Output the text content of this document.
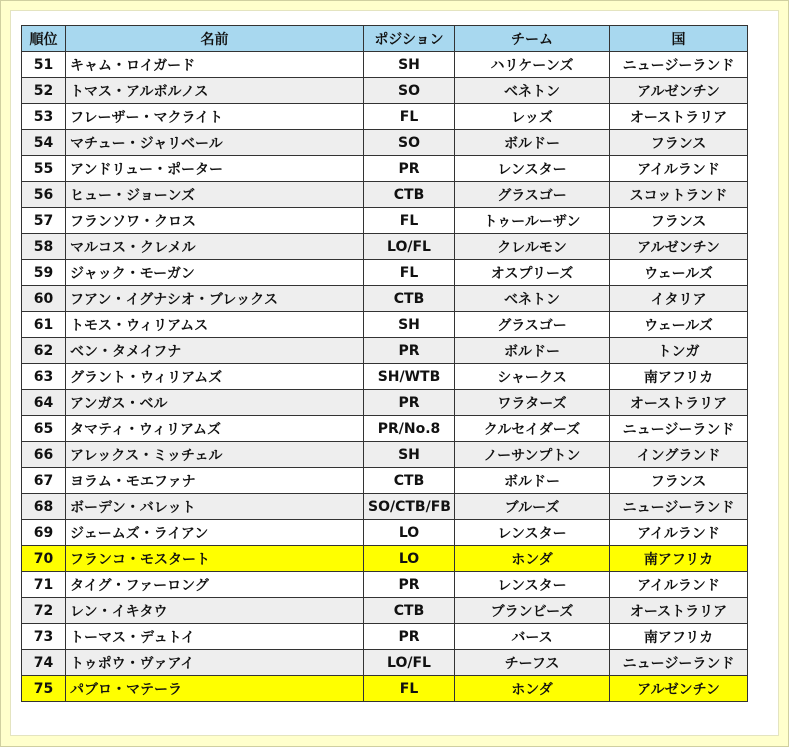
順位	名前	ポジション	チーム	国
51	キャム・ロイガード	SH	ハリケーンズ	ニュージーランド
52	トマス・アルボルノス	SO	ベネトン	アルゼンチン
53	フレーザー・マクライト	FL	レッズ	オーストラリア
54	マチュー・ジャリベール	SO	ボルドー	フランス
55	アンドリュー・ポーター	PR	レンスター	アイルランド
56	ヒュー・ジョーンズ	CTB	グラスゴー	スコットランド
57	フランソワ・クロス	FL	トゥールーザン	フランス
58	マルコス・クレメル	LO/FL	クレルモン	アルゼンチン
59	ジャック・モーガン	FL	オスプリーズ	ウェールズ
60	フアン・イグナシオ・ブレックス	CTB	ベネトン	イタリア
61	トモス・ウィリアムス	SH	グラスゴー	ウェールズ
62	ベン・タメイフナ	PR	ボルドー	トンガ
63	グラント・ウィリアムズ	SH/WTB	シャークス	南アフリカ
64	アンガス・ベル	PR	ワラターズ	オーストラリア
65	タマティ・ウィリアムズ	PR/No.8	クルセイダーズ	ニュージーランド
66	アレックス・ミッチェル	SH	ノーサンプトン	イングランド
67	ヨラム・モエファナ	CTB	ボルドー	フランス
68	ボーデン・バレット	SO/CTB/FB	ブルーズ	ニュージーランド
69	ジェームズ・ライアン	LO	レンスター	アイルランド
70	フランコ・モスタート	LO	ホンダ	南アフリカ
71	タイグ・ファーロング	PR	レンスター	アイルランド
72	レン・イキタウ	CTB	ブランビーズ	オーストラリア
73	トーマス・デュトイ	PR	バース	南アフリカ
74	トゥポウ・ヴァアイ	LO/FL	チーフス	ニュージーランド
75	パブロ・マテーラ	FL	ホンダ	アルゼンチン
